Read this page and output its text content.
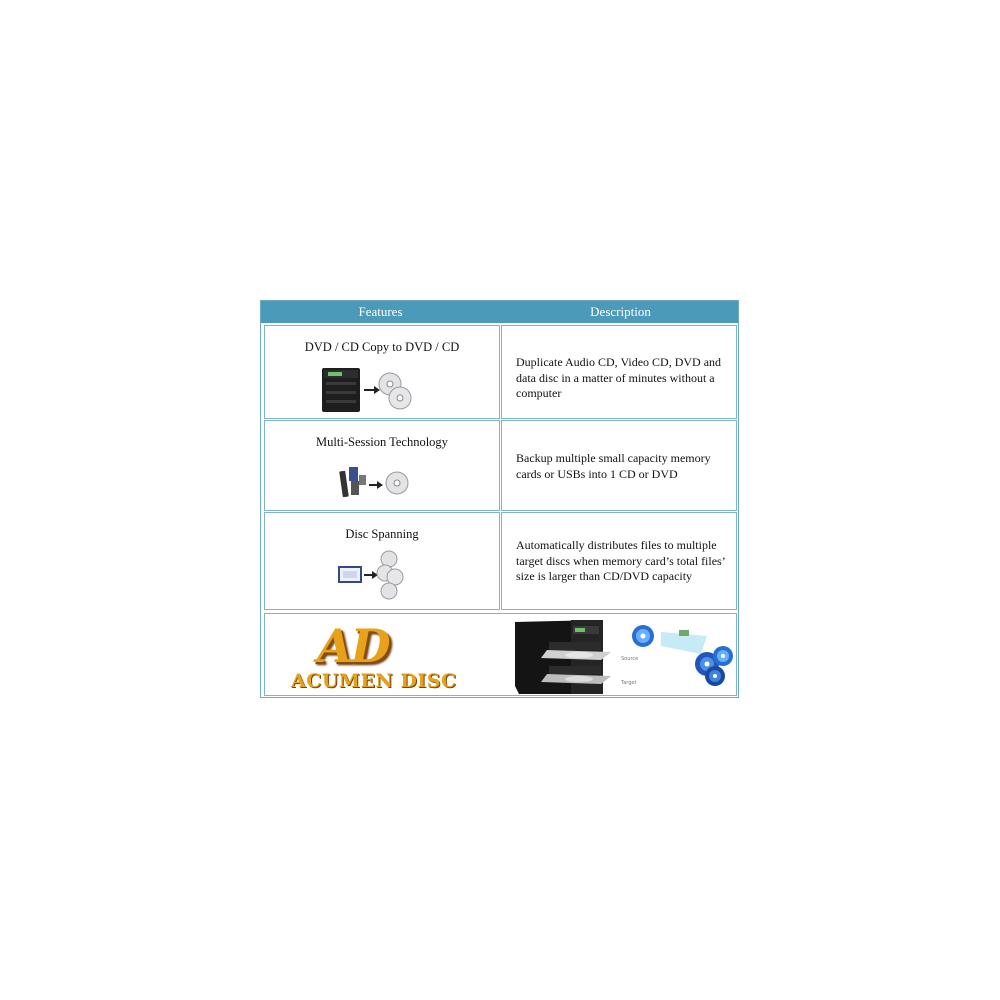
Features	Description
DVD / CD Copy to DVD / CD
Duplicate Audio CD, Video CD, DVD and data disc in a matter of minutes without a computer
Multi-Session Technology
Backup multiple small capacity memory cards or USBs into 1 CD or DVD
Disc Spanning
Automatically distributes files to multiple target discs when memory card’s total files’ size is larger than CD/DVD capacity
AD
ACUMEN DISC
Source
Target
